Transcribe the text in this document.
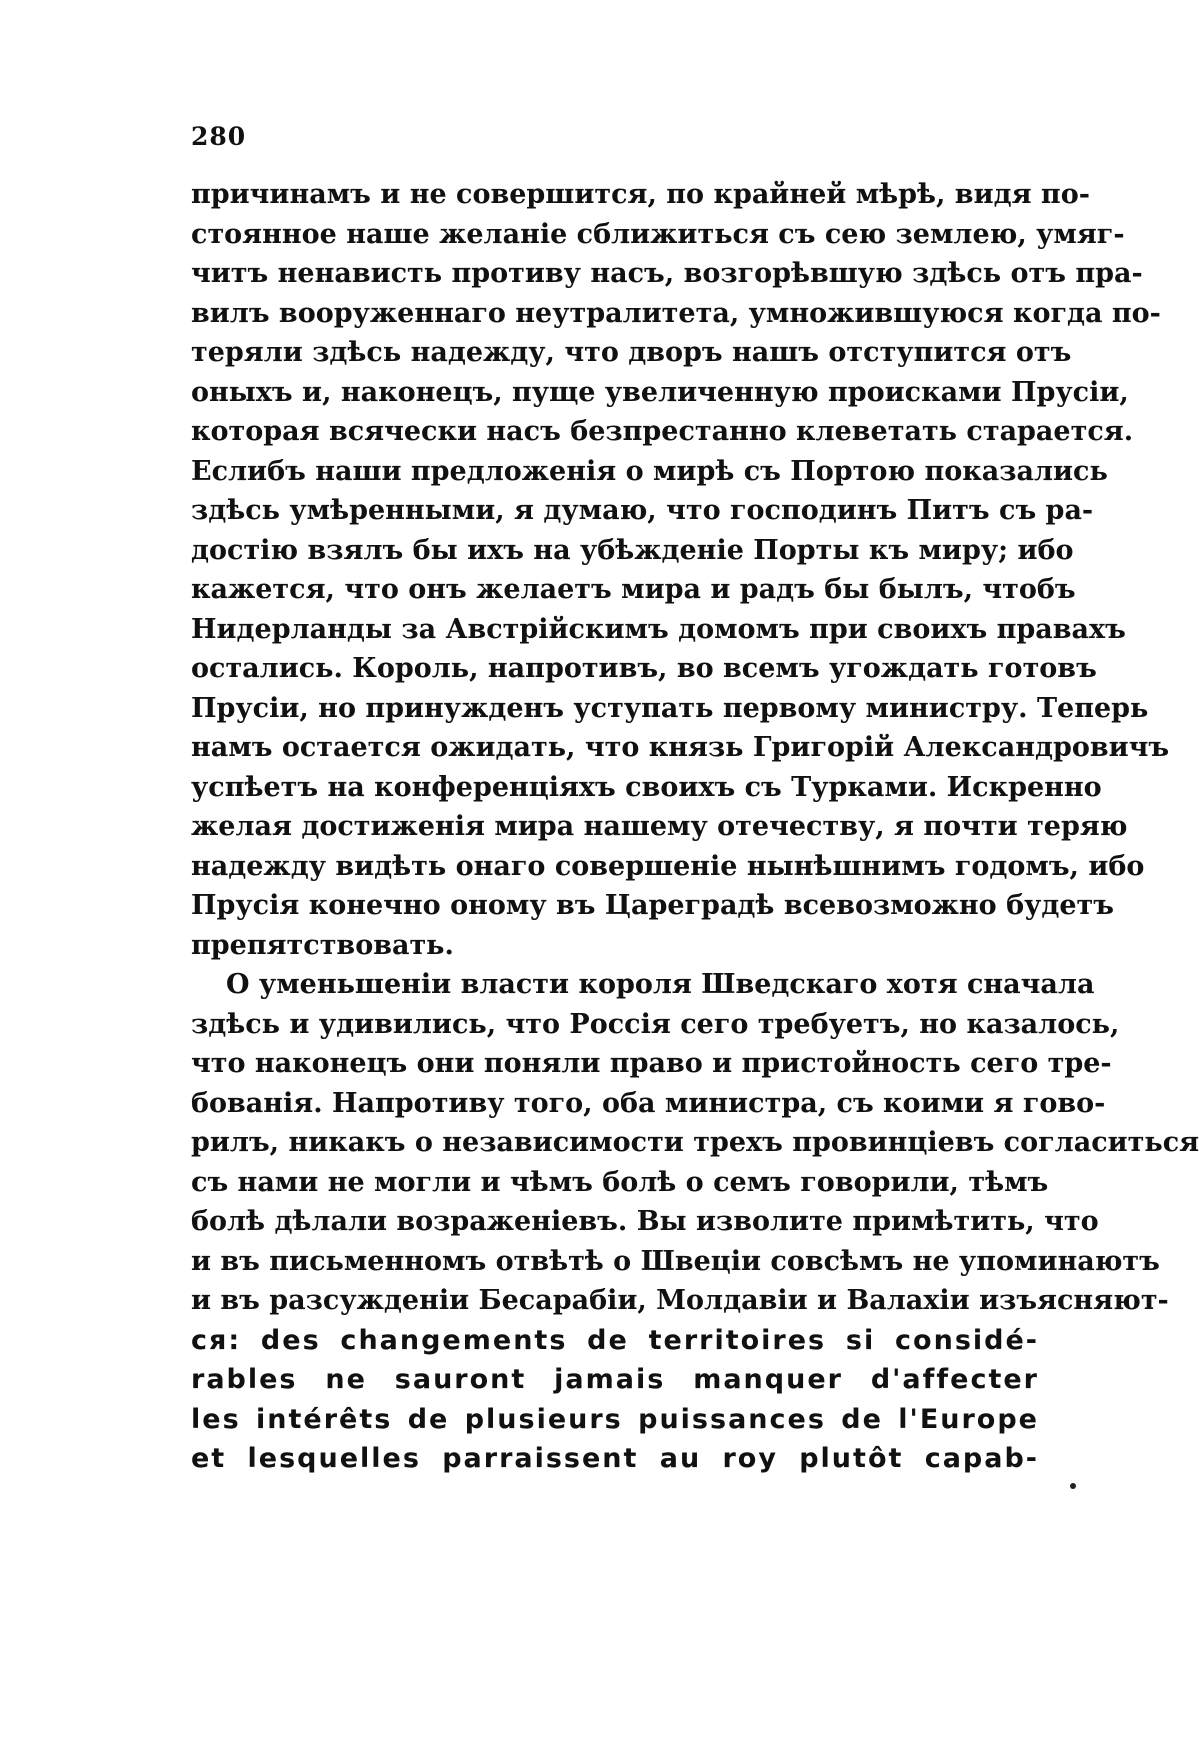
280
причинамъ и не совершится, по крайней мѣрѣ, видя по-
стоянное наше желаніе сближиться съ сею землею, умяг-
читъ ненависть противу насъ, возгорѣвшую здѣсь отъ пра-
вилъ вооруженнаго неутралитета, умножившуюся когда по-
теряли здѣсь надежду, что дворъ нашъ отступится отъ
оныхъ и, наконецъ, пуще увеличенную происками Прусіи,
которая всячески насъ безпрестанно клеветать старается.
Еслибъ наши предложенія о мирѣ съ Портою показались
здѣсь умѣренными, я думаю, что господинъ Питъ съ ра-
достію взялъ бы ихъ на убѣжденіе Порты къ миру; ибо
кажется, что онъ желаетъ мира и радъ бы былъ, чтобъ
Нидерланды за Австрійскимъ домомъ при своихъ правахъ
остались. Король, напротивъ, во всемъ угождать готовъ
Прусіи, но принужденъ уступать первому министру. Теперь
намъ остается ожидать, что князь Григорій Александровичъ
успѣетъ на конференціяхъ своихъ съ Турками. Искренно
желая достиженія мира нашему отечеству, я почти теряю
надежду видѣть онаго совершеніе нынѣшнимъ годомъ, ибо
Прусія конечно оному въ Цареградѣ всевозможно будетъ
препятствовать.
О уменьшеніи власти короля Шведскаго хотя сначала
здѣсь и удивились, что Россія сего требуетъ, но казалось,
что наконецъ они поняли право и пристойность сего тре-
бованія. Напротиву того, оба министра, съ коими я гово-
рилъ, никакъ о независимости трехъ провинціевъ согласиться
съ нами не могли и чѣмъ болѣ о семъ говорили, тѣмъ
болѣ дѣлали возраженіевъ. Вы изволите примѣтить, что
и въ письменномъ отвѣтѣ о Швеціи совсѣмъ не упоминаютъ
и въ разсужденіи Бесарабіи, Молдавіи и Валахіи изъясняют-
ся: des changements de territoires si considé-
rables ne sauront jamais manquer d'affecter
les intérêts de plusieurs puissances de l'Europe
et lesquelles parraissent au roy plutôt capab-
